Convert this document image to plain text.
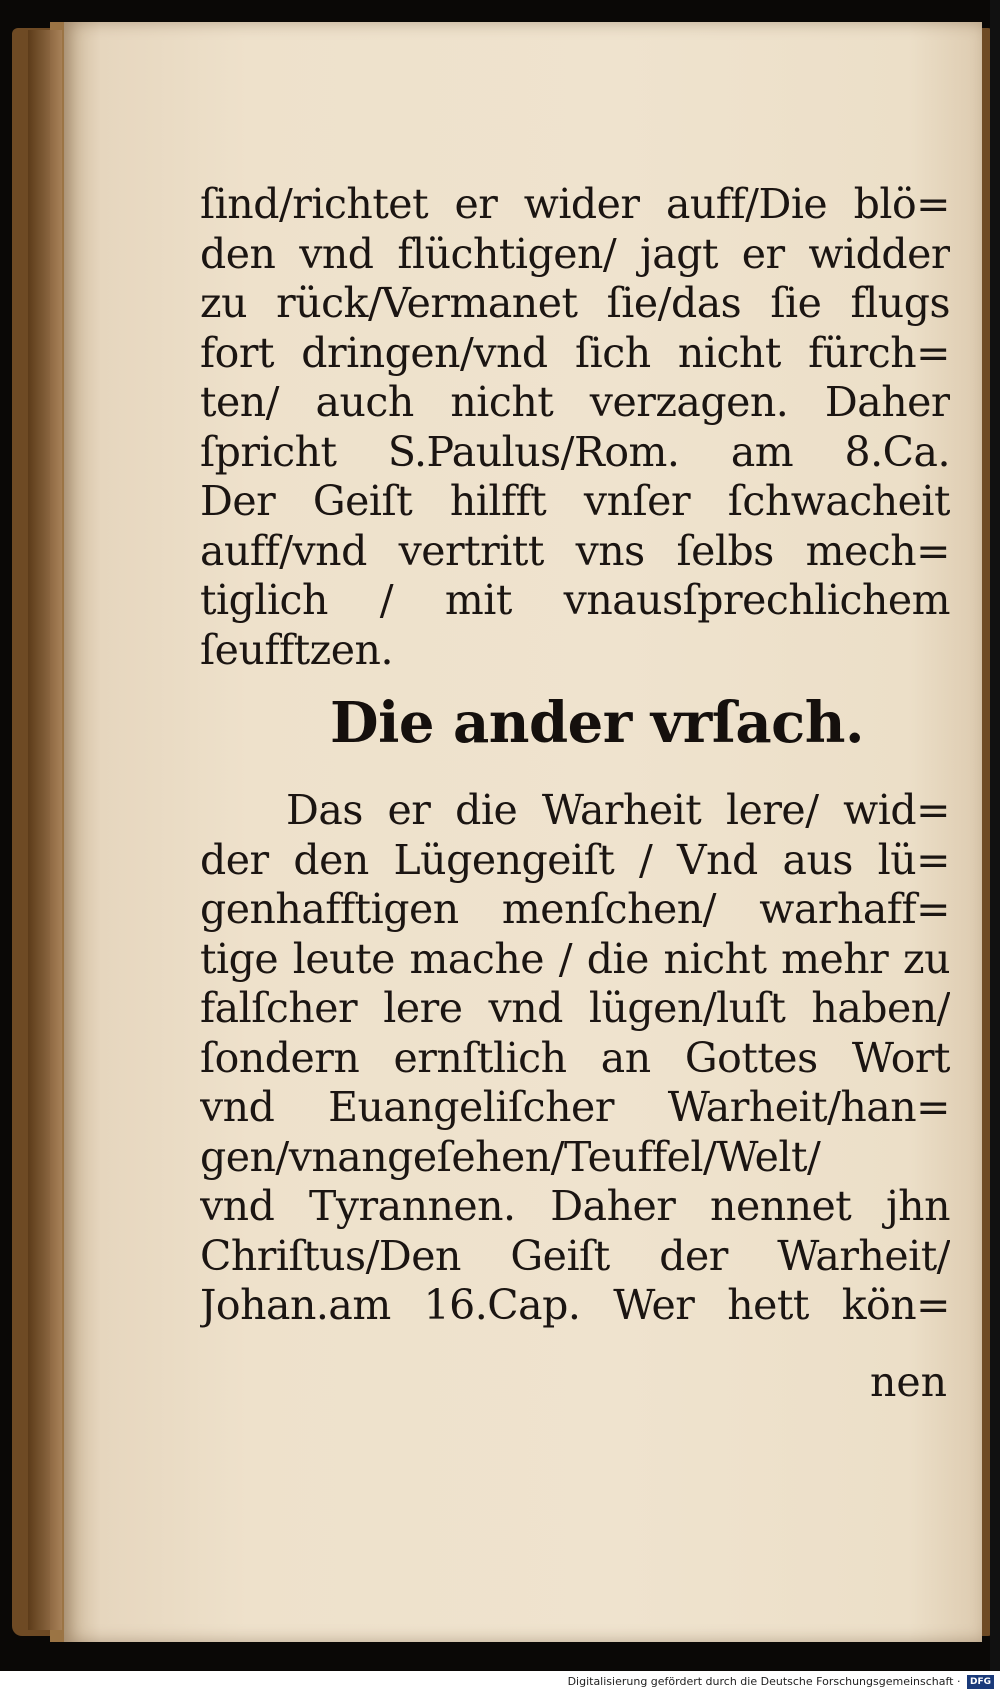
ſind/richtet er wider auff/Die blö=
den vnd flüchtigen/ jagt er widder
zu rück/Vermanet ſie/das ſie flugs
fort dringen/vnd ſich nicht fürch=
ten/ auch nicht verzagen. Daher
ſpricht S.Paulus/Rom. am 8.Ca.
Der Geiſt hilfft vnſer ſchwacheit
auff/vnd vertritt vns ſelbs mech=
tiglich / mit vnausſprechlichem
ſeufftzen.
Die ander vrſach.
Das er die Warheit lere/ wid=
der den Lügengeiſt / Vnd aus lü=
genhafftigen menſchen/ warhaff=
tige leute mache / die nicht mehr zu
falſcher lere vnd lügen/luſt haben/
ſondern ernſtlich an Gottes Wort
vnd Euangeliſcher Warheit/han=
gen/vnangeſehen/Teuffel/Welt/
vnd Tyrannen. Daher nennet jhn
Chriſtus/Den Geiſt der Warheit/
Johan.am 16.Cap. Wer hett kön=
nen
Digitalisierung gefördert durch die Deutsche Forschungsgemeinschaft · DFG
